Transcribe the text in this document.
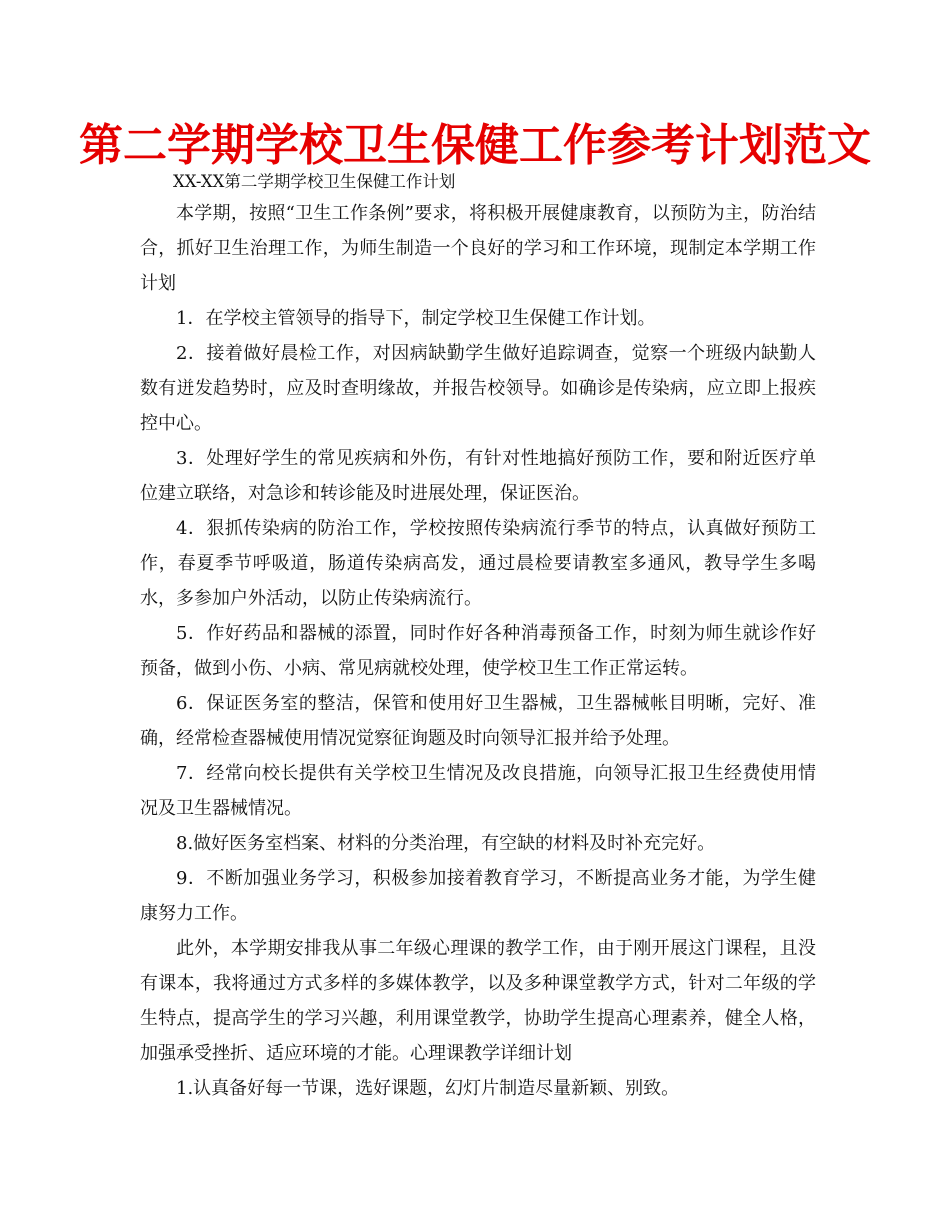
第二学期学校卫生保健工作参考计划范文
XX-XX第二学期学校卫生保健工作计划

本学期，按照“卫生工作条例”要求，将积极开展健康教育，以预防为主，防治结合，抓好卫生治理工作，为师生制造一个良好的学习和工作环境，现制定本学期工作计划

1．在学校主管领导的指导下，制定学校卫生保健工作计划。

2．接着做好晨检工作，对因病缺勤学生做好追踪调查，觉察一个班级内缺勤人数有迸发趋势时，应及时查明缘故，并报告校领导。如确诊是传染病，应立即上报疾控中心。

3．处理好学生的常见疾病和外伤，有针对性地搞好预防工作，要和附近医疗单位建立联络，对急诊和转诊能及时进展处理，保证医治。

4．狠抓传染病的防治工作，学校按照传染病流行季节的特点，认真做好预防工作，春夏季节呼吸道，肠道传染病高发，通过晨检要请教室多通风，教导学生多喝水，多参加户外活动，以防止传染病流行。

5．作好药品和器械的添置，同时作好各种消毒预备工作，时刻为师生就诊作好预备，做到小伤、小病、常见病就校处理，使学校卫生工作正常运转。

6．保证医务室的整洁，保管和使用好卫生器械，卫生器械帐目明晰，完好、准确，经常检查器械使用情况觉察征询题及时向领导汇报并给予处理。

7．经常向校长提供有关学校卫生情况及改良措施，向领导汇报卫生经费使用情况及卫生器械情况。

8.做好医务室档案、材料的分类治理，有空缺的材料及时补充完好。

9．不断加强业务学习，积极参加接着教育学习，不断提高业务才能，为学生健康努力工作。

此外，本学期安排我从事二年级心理课的教学工作，由于刚开展这门课程，且没有课本，我将通过方式多样的多媒体教学，以及多种课堂教学方式，针对二年级的学生特点，提高学生的学习兴趣，利用课堂教学，协助学生提高心理素养，健全人格，加强承受挫折、适应环境的才能。心理课教学详细计划

1.认真备好每一节课，选好课题，幻灯片制造尽量新颖、别致。
